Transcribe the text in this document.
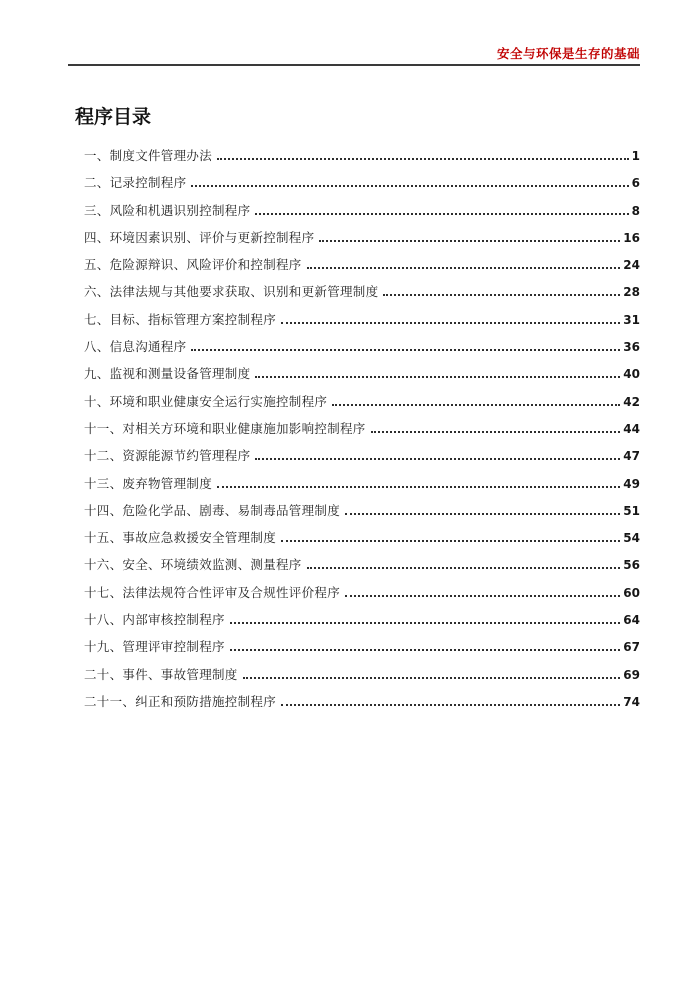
安全与环保是生存的基础
程序目录
一、制度文件管理办法	1
二、记录控制程序	6
三、风险和机遇识别控制程序	8
四、环境因素识别、评价与更新控制程序	16
五、危险源辩识、风险评价和控制程序	24
六、法律法规与其他要求获取、识别和更新管理制度	28
七、目标、指标管理方案控制程序	31
八、信息沟通程序	36
九、监视和测量设备管理制度	40
十、环境和职业健康安全运行实施控制程序	42
十一、对相关方环境和职业健康施加影响控制程序	44
十二、资源能源节约管理程序	47
十三、废弃物管理制度	49
十四、危险化学品、剧毒、易制毒品管理制度	51
十五、事故应急救援安全管理制度	54
十六、安全、环境绩效监测、测量程序	56
十七、法律法规符合性评审及合规性评价程序	60
十八、内部审核控制程序	64
十九、管理评审控制程序	67
二十、事件、事故管理制度	69
二十一、纠正和预防措施控制程序	74
